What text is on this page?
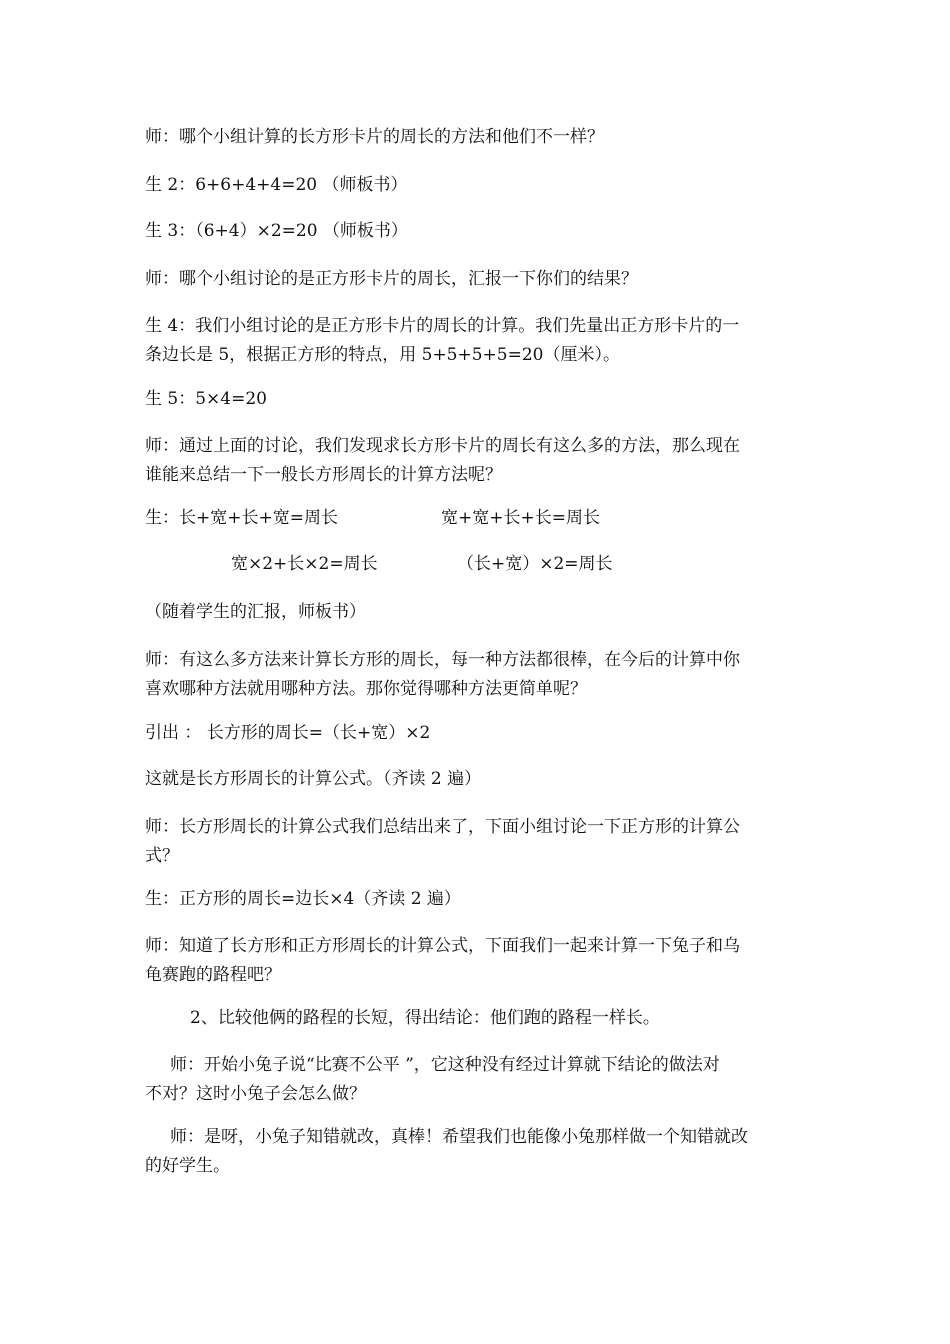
师：哪个小组计算的长方形卡片的周长的方法和他们不一样？
生 2：6+6+4+4=20 （师板书）
生 3：（6+4）×2=20 （师板书）
师：哪个小组讨论的是正方形卡片的周长，汇报一下你们的结果？
生 4：我们小组讨论的是正方形卡片的周长的计算。我们先量出正方形卡片的一
条边长是 5，根据正方形的特点，用 5+5+5+5=20（厘米）。
生 5：5×4=20
师：通过上面的讨论，我们发现求长方形卡片的周长有这么多的方法，那么现在
谁能来总结一下一般长方形周长的计算方法呢？
生：长+宽+长+宽=周长	宽+宽+长+长=周长
宽×2+长×2=周长	（长+宽）×2=周长
（随着学生的汇报，师板书）
师：有这么多方法来计算长方形的周长，每一种方法都很棒，在今后的计算中你
喜欢哪种方法就用哪种方法。那你觉得哪种方法更简单呢？
引出 ： 长方形的周长=（长+宽）×2
这就是长方形周长的计算公式。（齐读 2 遍）
师：长方形周长的计算公式我们总结出来了，下面小组讨论一下正方形的计算公
式？
生：正方形的周长=边长×4（齐读 2 遍）
师：知道了长方形和正方形周长的计算公式，下面我们一起来计算一下兔子和乌
龟赛跑的路程吧？
2、比较他俩的路程的长短，得出结论：他们跑的路程一样长。
师：开始小兔子说“比赛不公平 ”，它这种没有经过计算就下结论的做法对
不对？这时小兔子会怎么做？
师：是呀，小兔子知错就改，真棒！希望我们也能像小兔那样做一个知错就改
的好学生。
